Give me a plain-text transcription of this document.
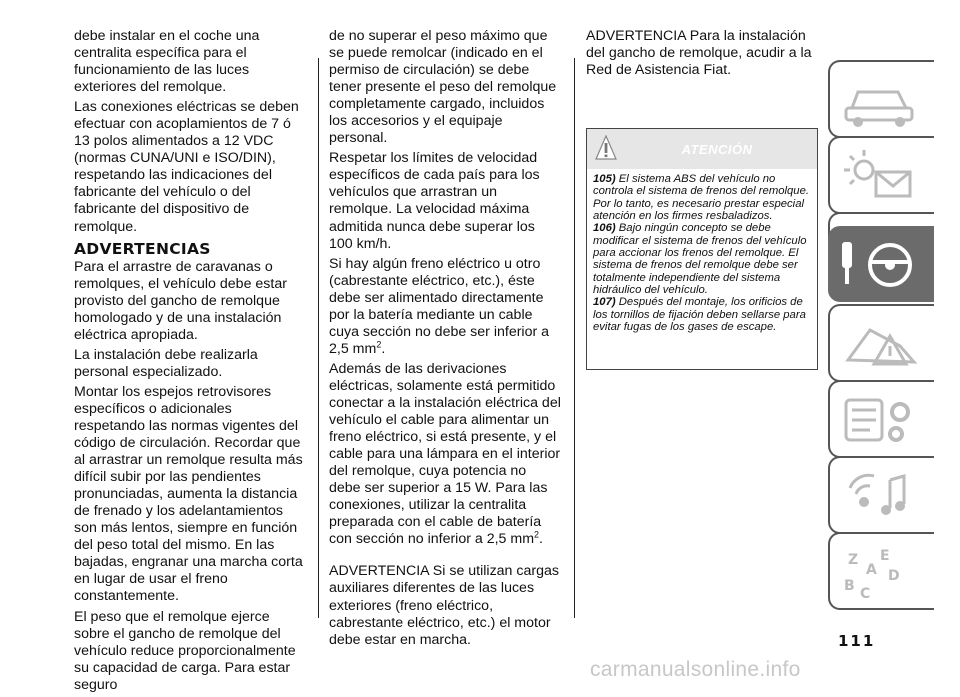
debe instalar en el coche una centralita específica para el funcionamiento de las luces exteriores del remolque.

Las conexiones eléctricas se deben efectuar con acoplamientos de 7 ó 13 polos alimentados a 12 VDC (normas CUNA/UNI e ISO/DIN), respetando las indicaciones del fabricante del vehículo o del fabricante del dispositivo de remolque.

ADVERTENCIAS

Para el arrastre de caravanas o remolques, el vehículo debe estar provisto del gancho de remolque homologado y de una instalación eléctrica apropiada.

La instalación debe realizarla personal especializado.

Montar los espejos retrovisores específicos o adicionales respetando las normas vigentes del código de circulación. Recordar que al arrastrar un remolque resulta más difícil subir por las pendientes pronunciadas, aumenta la distancia de frenado y los adelantamientos son más lentos, siempre en función del peso total del mismo. En las bajadas, engranar una marcha corta en lugar de usar el freno constantemente.

El peso que el remolque ejerce sobre el gancho de remolque del vehículo reduce proporcionalmente su capacidad de carga. Para estar seguro

de no superar el peso máximo que se puede remolcar (indicado en el permiso de circulación) se debe tener presente el peso del remolque completamente cargado, incluidos los accesorios y el equipaje personal.

Respetar los límites de velocidad específicos de cada país para los vehículos que arrastran un remolque. La velocidad máxima admitida nunca debe superar los 100 km/h.

Si hay algún freno eléctrico u otro (cabrestante eléctrico, etc.), éste debe ser alimentado directamente por la batería mediante un cable cuya sección no debe ser inferior a 2,5 $mm^2$.

Además de las derivaciones eléctricas, solamente está permitido conectar a la instalación eléctrica del vehículo el cable para alimentar un freno eléctrico, si está presente, y el cable para una lámpara en el interior del remolque, cuya potencia no debe ser superior a 15 W. Para las conexiones, utilizar la centralita preparada con el cable de batería con sección no inferior a 2,5 $mm^2$.

ADVERTENCIA Si se utilizan cargas auxiliares diferentes de las luces exteriores (freno eléctrico, cabrestante eléctrico, etc.) el motor debe estar en marcha.

ADVERTENCIA Para la instalación del gancho de remolque, acudir a la Red de Asistencia Fiat.

ATENCIÓN

105) El sistema ABS del vehículo no controla el sistema de frenos del remolque. Por lo tanto, es necesario prestar especial atención en los firmes resbaladizos.

106) Bajo ningún concepto se debe modificar el sistema de frenos del vehículo para accionar los frenos del remolque. El sistema de frenos del remolque debe ser totalmente independiente del sistema hidráulico del vehículo.

107) Después del montaje, los orificios de los tornillos de fijación deben sellarse para evitar fugas de los gases de escape.

Z E
A
B
D
C
111
carmanualsonline.info
